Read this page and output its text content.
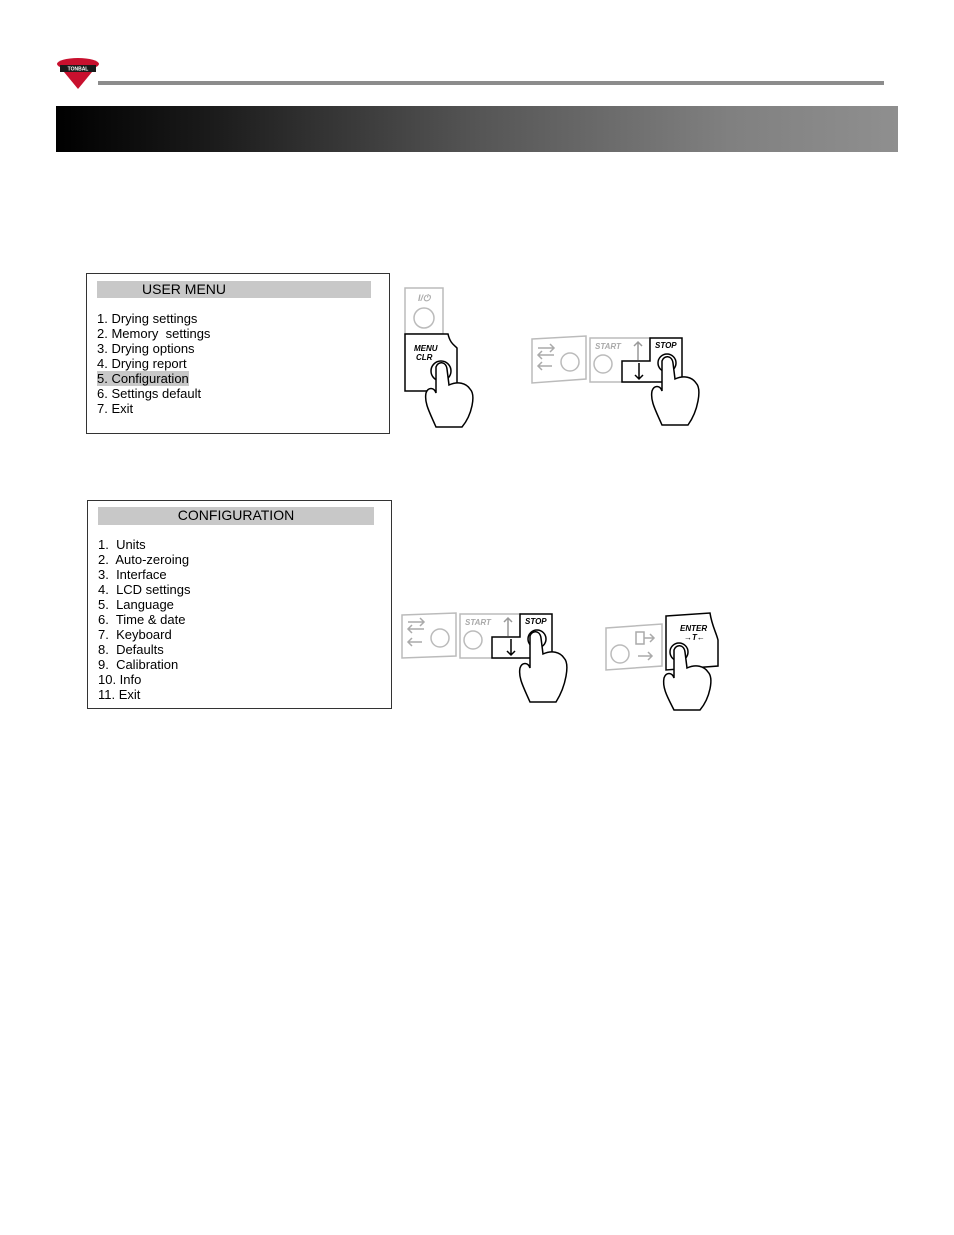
TONBAL
USER MENU
1. Drying settings
2. Memory  settings
3. Drying options
4. Drying report
5. Configuration
6. Settings default
7. Exit
CONFIGURATION
1.  Units
2.  Auto-zeroing
3.  Interface
4.  LCD settings
5.  Language
6.  Time & date
7.  Keyboard
8.  Defaults
9.  Calibration
10. Info
11. Exit
I/⏻
MENU
CLR
START	STOP
START	STOP
ENTER
→T←
